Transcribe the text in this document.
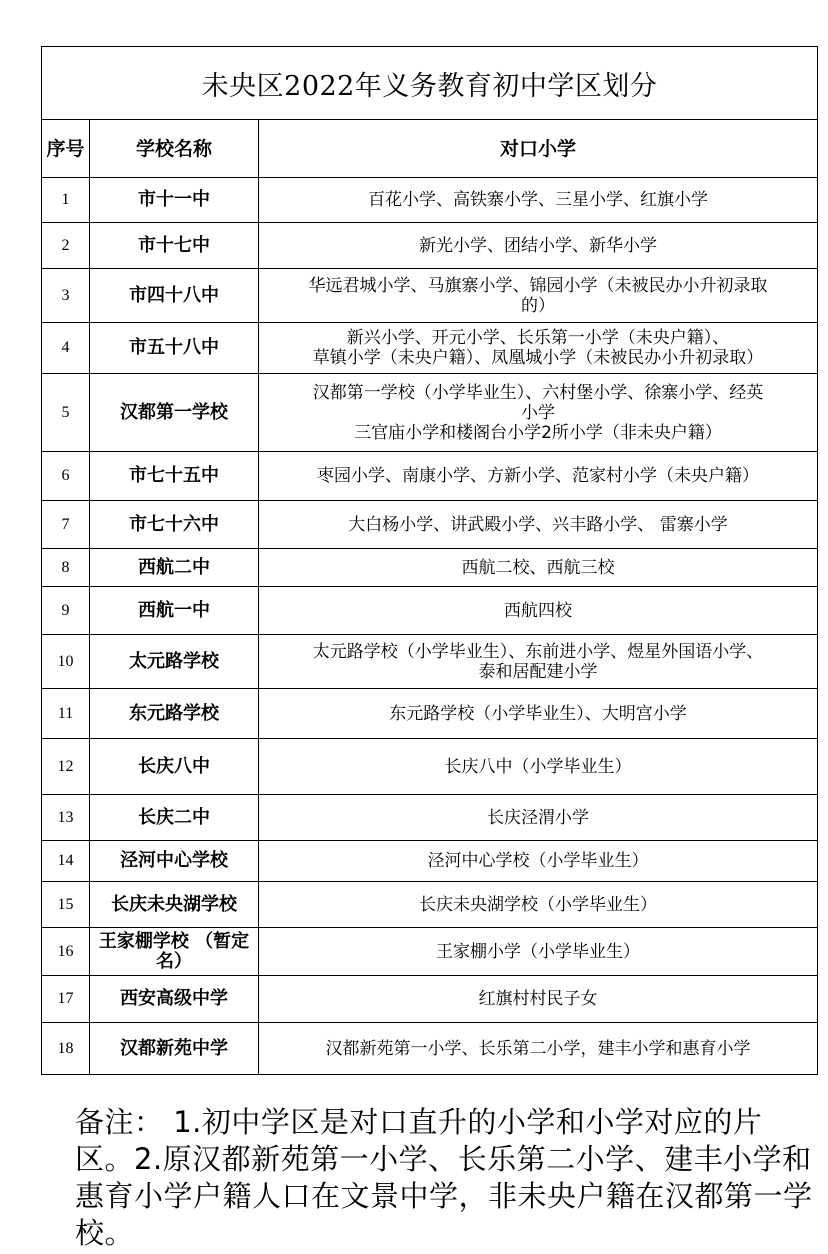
未央区2022年义务教育初中学区划分		
序号	学校名称	对口小学
1	市十一中	百花小学、高铁寨小学、三星小学、红旗小学

2	市十七中	新光小学、团结小学、新华小学

3	市四十八中	华远君城小学、马旗寨小学、锦园小学（未被民办小升初录取
的）

4	市五十八中	新兴小学、开元小学、长乐第一小学（未央户籍）、
草镇小学（未央户籍）、凤凰城小学（未被民办小升初录取）

5	汉都第一学校	汉都第一学校（小学毕业生）、六村堡小学、徐寨小学、经英
小学
三官庙小学和楼阁台小学2所小学（非未央户籍）

6	市七十五中	枣园小学、南康小学、方新小学、范家村小学（未央户籍）

7	市七十六中	大白杨小学、讲武殿小学、兴丰路小学、 雷寨小学

8	西航二中	西航二校、西航三校

9	西航一中	西航四校

10	太元路学校	太元路学校（小学毕业生）、东前进小学、煜星外国语小学、
泰和居配建小学

11	东元路学校	东元路学校（小学毕业生）、大明宫小学

12	长庆八中	长庆八中（小学毕业生）

13	长庆二中	长庆泾渭小学

14	泾河中心学校	泾河中心学校（小学毕业生）

15	长庆未央湖学校	长庆未央湖学校（小学毕业生）

16	王家棚学校 （暂定名）	王家棚小学（小学毕业生）

17	西安高级中学	红旗村村民子女

18	汉都新苑中学	汉都新苑第一小学、长乐第二小学，建丰小学和惠育小学
备注： 1.初中学区是对口直升的小学和小学对应的片区。2.原汉都新苑第一小学、长乐第二小学、建丰小学和惠育小学户籍人口在文景中学，非未央户籍在汉都第一学校。
